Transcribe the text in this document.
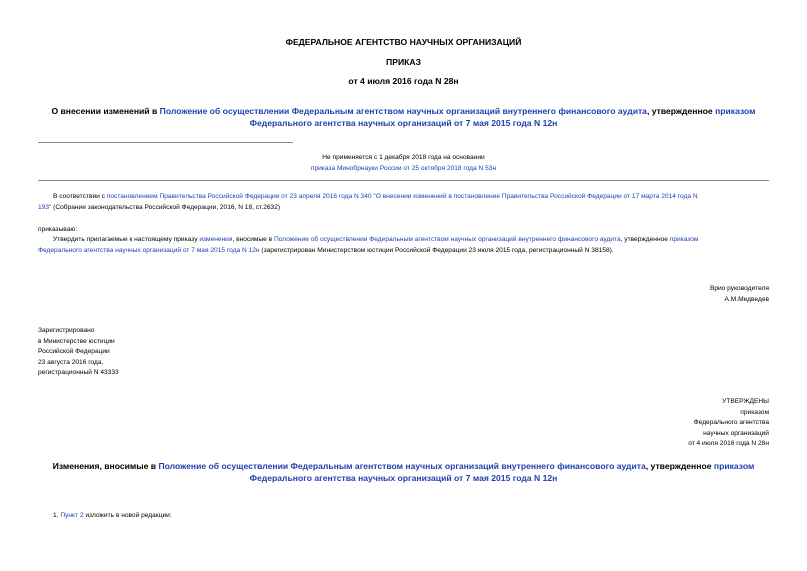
ФЕДЕРАЛЬНОЕ АГЕНТСТВО НАУЧНЫХ ОРГАНИЗАЦИЙ
ПРИКАЗ
от 4 июля 2016 года N 28н
О внесении изменений в Положение об осуществлении Федеральным агентством научных организаций внутреннего финансового аудита, утвержденное приказом
Федерального агентства научных организаций от 7 мая 2015 года N 12н
Не применяется с 1 декабря 2018 года на основании
приказа Минобрнауки России от 25 октября 2018 года N 53н
В соответствии с постановлением Правительства Российской Федерации от 23 апреля 2016 года N 340 "О внесении изменений в постановление Правительства Российской Федерации от 17 марта 2014 года N
193" (Собрание законодательства Российской Федерации, 2016, N 18, ст.2632)
приказываю:
Утвердить прилагаемые к настоящему приказу изменения, вносимые в Положение об осуществлении Федеральным агентством научных организаций внутреннего финансового аудита, утвержденное приказом
Федерального агентства научных организаций от 7 мая 2015 года N 12н (зарегистрирован Министерством юстиции Российской Федерации 23 июля 2015 года, регистрационный N 38158).
Врио руководителя
А.М.Медведев
Зарегистрировано
в Министерстве юстиции
Российской Федерации
23 августа 2016 года,
регистрационный N 43333
УТВЕРЖДЕНЫ
приказом
Федерального агентства
научных организаций
от 4 июля 2016 года N 28н
Изменения, вносимые в Положение об осуществлении Федеральным агентством научных организаций внутреннего финансового аудита, утвержденное приказом
Федерального агентства научных организаций от 7 мая 2015 года N 12н
1. Пункт 2 изложить в новой редакции:
